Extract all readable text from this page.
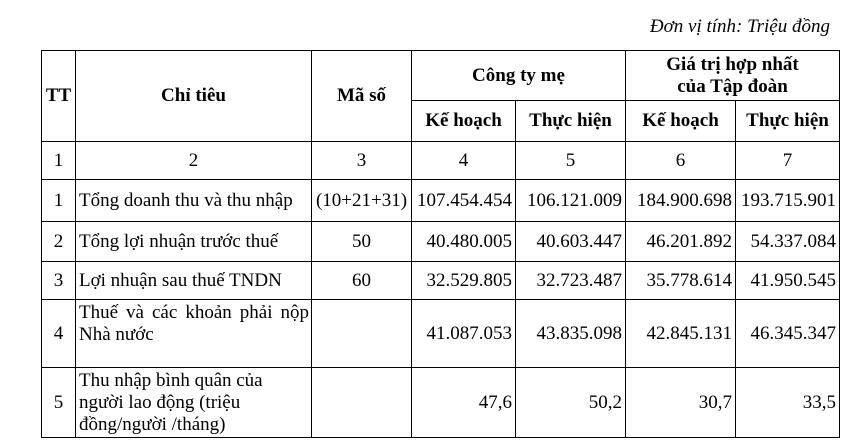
Đơn vị tính: Triệu đồng
TT	Chỉ tiêu	Mã số	Công ty mẹ		Giá trị hợp nhất
của Tập đoàn	

			Kế hoạch	Thực hiện	Kế hoạch	Thực hiện
1	2	3	4	5	6	7
1	Tổng doanh thu và thu nhập	(10+21+31)	107.454.454	106.121.009	184.900.698	193.715.901
2	Tổng lợi nhuận trước thuế	50	40.480.005	40.603.447	46.201.892	54.337.084
3	Lợi nhuận sau thuế TNDN	60	32.529.805	32.723.487	35.778.614	41.950.545
4	Thuế và các khoản phải nộp Nhà nước		41.087.053	43.835.098	42.845.131	46.345.347
5	Thu nhập bình quân của người lao động (triệu đồng/người /tháng)		47,6	50,2	30,7	33,5
